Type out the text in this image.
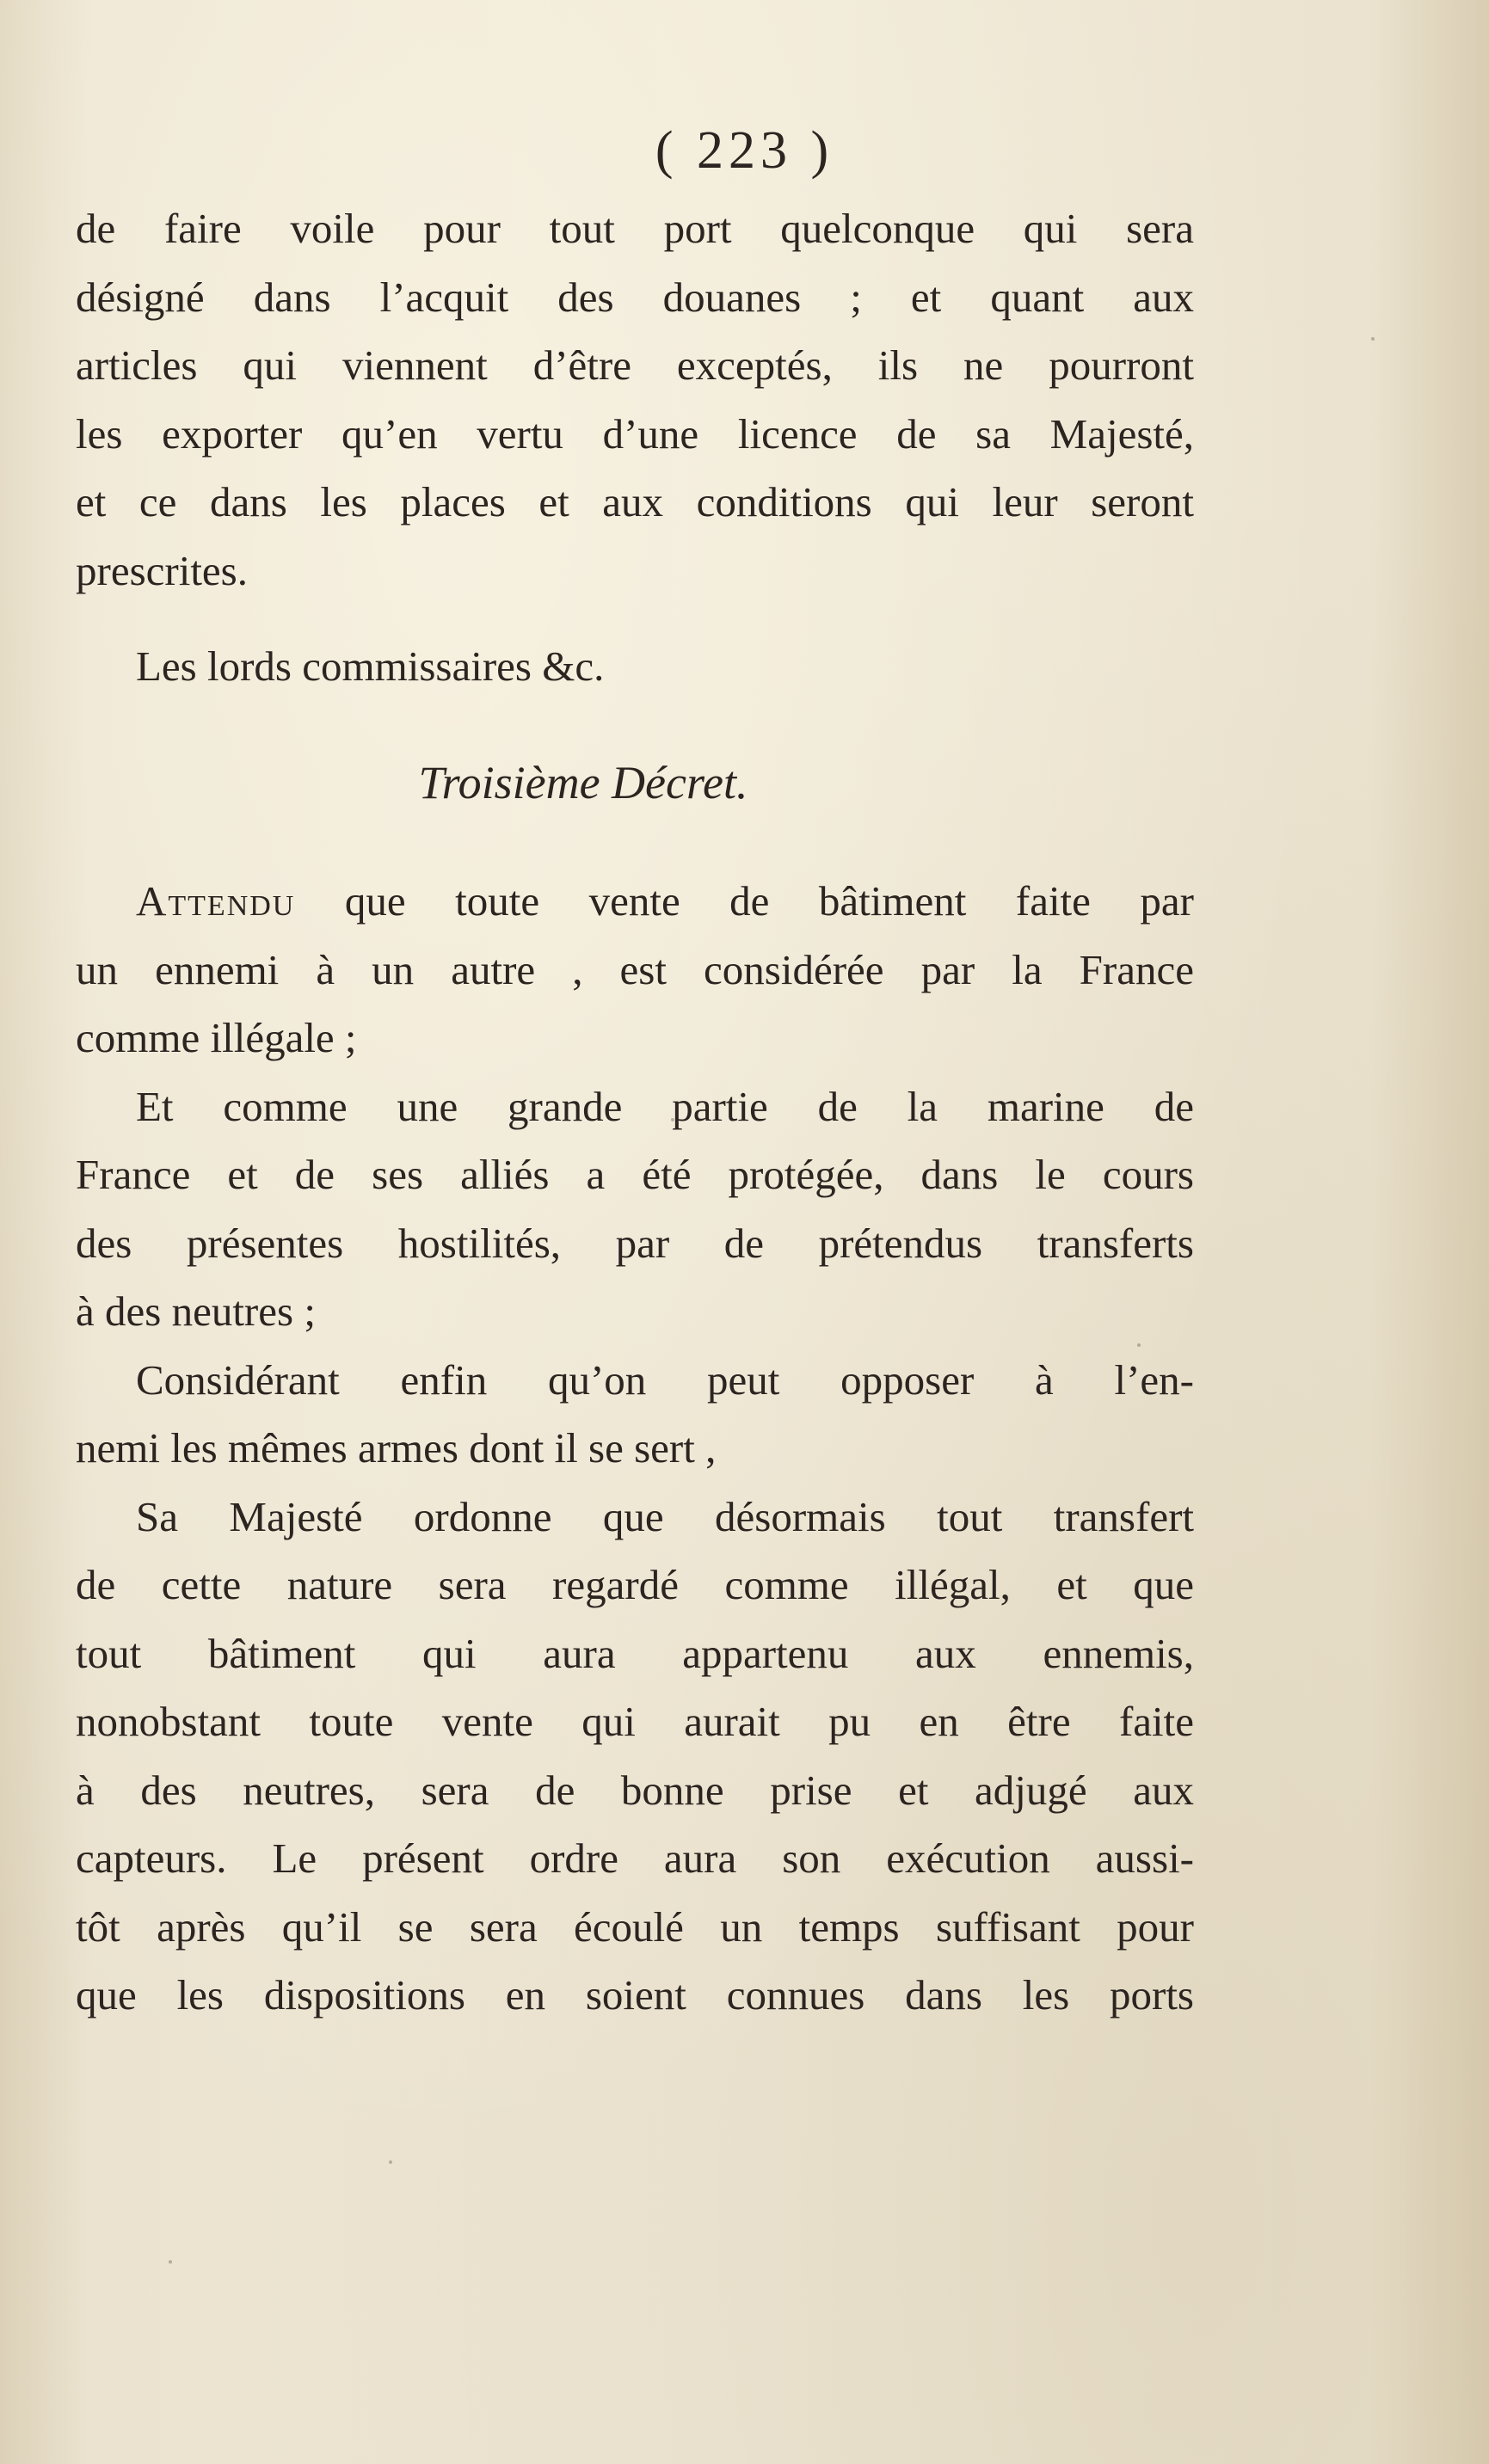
( 223 )
de faire voile pour tout port quelconque qui sera
désigné dans l’acquit des douanes ; et quant aux
articles qui viennent d’être exceptés, ils ne pourront
les exporter qu’en vertu d’une licence de sa Majesté,
et ce dans les places et aux conditions qui leur seront
prescrites.
Les lords commissaires &c.
Troisième Décret.
Attendu que toute vente de bâtiment faite par
un ennemi à un autre , est considérée par la France
comme illégale ;
Et comme une grande partie de la marine de
France et de ses alliés a été protégée, dans le cours
des présentes hostilités, par de prétendus transferts
à des neutres ;
Considérant enfin qu’on peut opposer à l’en-
nemi les mêmes armes dont il se sert ,
Sa Majesté ordonne que désormais tout transfert
de cette nature sera regardé comme illégal, et que
tout bâtiment qui aura appartenu aux ennemis,
nonobstant toute vente qui aurait pu en être faite
à des neutres, sera de bonne prise et adjugé aux
capteurs. Le présent ordre aura son exécution aussi-
tôt après qu’il se sera écoulé un temps suffisant pour
que les dispositions en soient connues dans les ports
